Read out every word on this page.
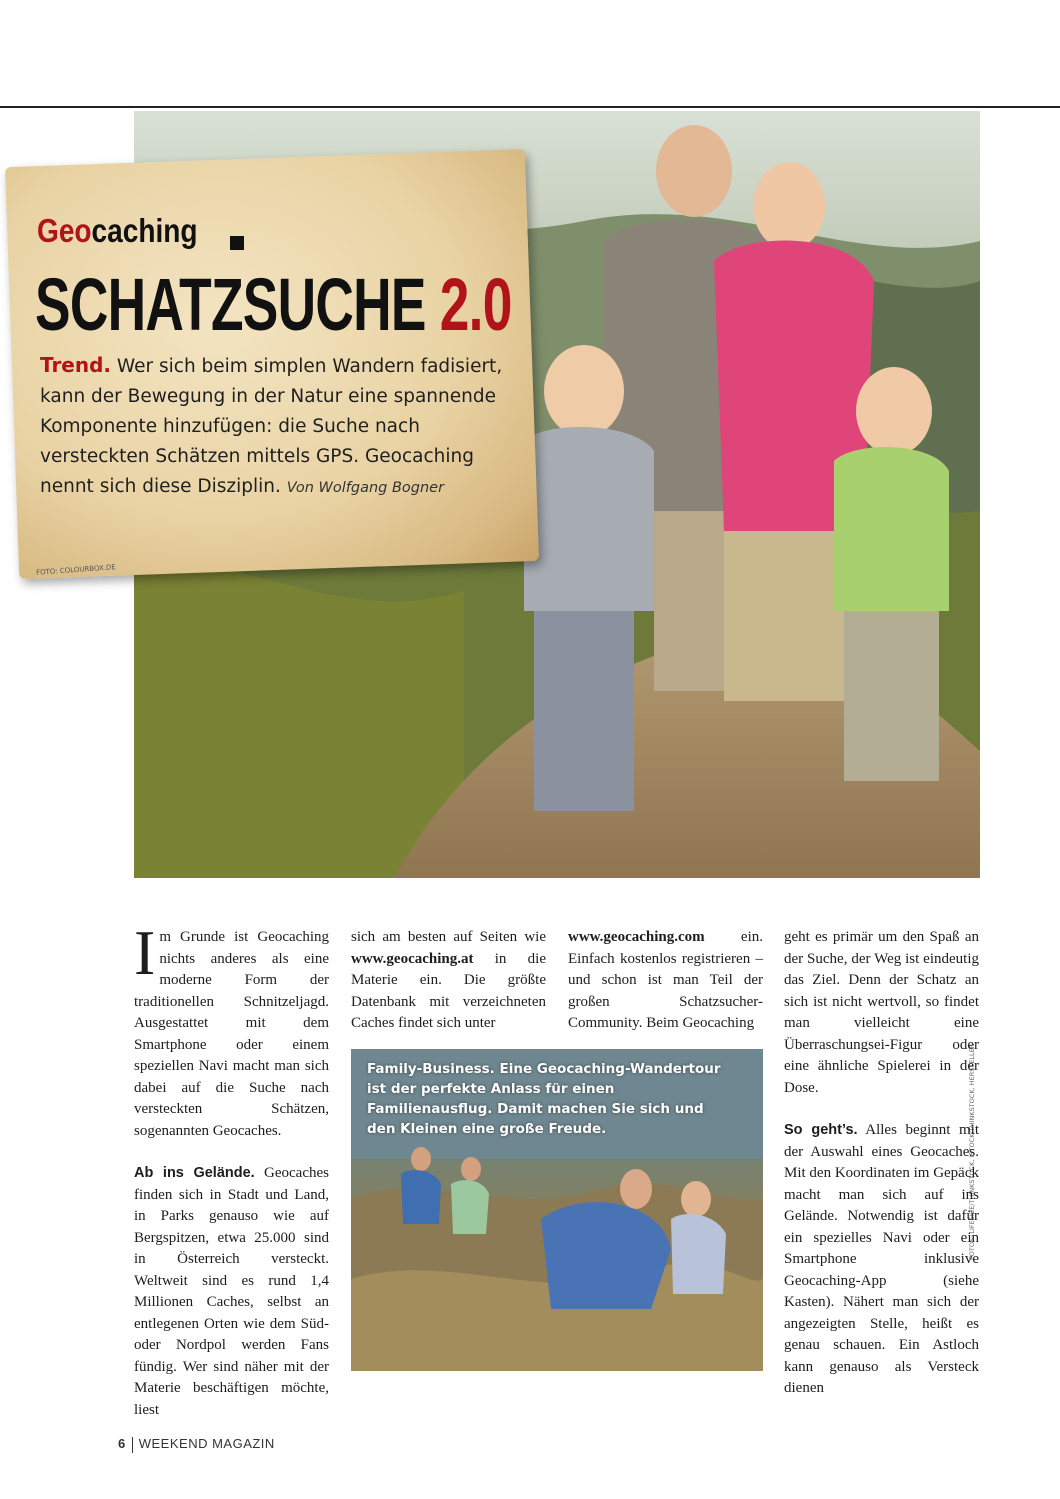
Geocaching
SCHATZSUCHE 2.0
Trend. Wer sich beim simplen Wandern fadisiert, kann der Bewegung in der Natur eine spannende Komponente hinzufügen: die Suche nach versteckten Schätzen mittels GPS. Geocaching nennt sich diese Disziplin. Von Wolfgang Bogner
FOTO: COLOURBOX.DE
FOTOS: LIFESIZE/THINKSTOCK, ISTOCK/THINKSTOCK, HERSTELLER

Im Grunde ist Geocaching nichts anderes als eine moderne Form der traditionellen Schnitzeljagd. Ausgestattet mit dem Smartphone oder einem speziellen Navi macht man sich dabei auf die Suche nach versteckten Schätzen, sogenannten Geocaches.

Ab ins Gelände. Geocaches finden sich in Stadt und Land, in Parks genauso wie auf Bergspitzen, etwa 25.000 sind in Österreich versteckt. Weltweit sind es rund 1,4 Millionen Caches, selbst an entlegenen Orten wie dem Süd- oder Nordpol werden Fans fündig. Wer sind näher mit der Materie beschäftigen möchte, liest

sich am besten auf Seiten wie www.geocaching.at in die Materie ein. Die größte Datenbank mit verzeichneten Caches findet sich unter

www.geocaching.com ein. Einfach kostenlos registrieren – und schon ist man Teil der großen Schatzsucher-Community. Beim Geocaching

geht es primär um den Spaß an der Suche, der Weg ist eindeutig das Ziel. Denn der Schatz an sich ist nicht wertvoll, so findet man vielleicht eine Überraschungsei-Figur oder eine ähnliche Spielerei in der Dose.

So geht’s. Alles beginnt mit der Auswahl eines Geocaches. Mit den Koordinaten im Gepäck macht man sich auf ins Gelände. Notwendig ist dafür ein spezielles Navi oder ein Smartphone inklusive Geocaching-App (siehe Kasten). Nähert man sich der angezeigten Stelle, heißt es genau schauen. Ein Astloch kann genauso als Versteck dienen

Family-Business. Eine Geocaching-Wandertour ist der perfekte Anlass für einen Familienausflug. Damit machen Sie sich und den Kleinen eine große Freude.
6 WEEKEND MAGAZIN
